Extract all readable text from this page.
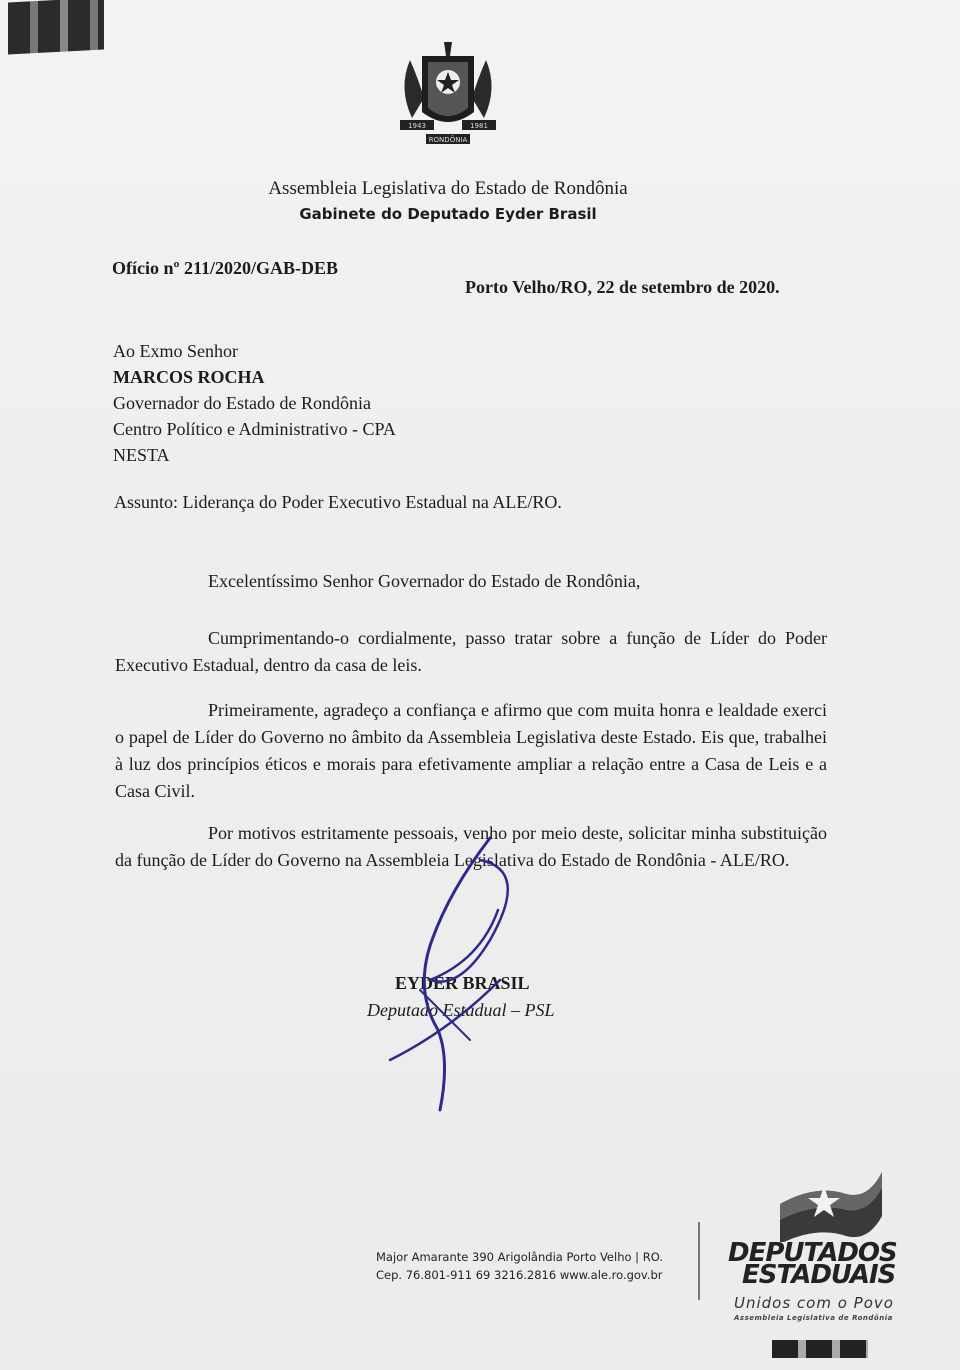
1943	1981
RONDÔNIA
Assembleia Legislativa do Estado de Rondônia
Gabinete do Deputado Eyder Brasil
Ofício nº 211/2020/GAB-DEB
Porto Velho/RO, 22 de setembro de 2020.
Ao Exmo Senhor
MARCOS ROCHA
Governador do Estado de Rondônia
Centro Político e Administrativo - CPA
NESTA
Assunto: Liderança do Poder Executivo Estadual na ALE/RO.
Excelentíssimo Senhor Governador do Estado de Rondônia,
Cumprimentando-o cordialmente, passo tratar sobre a função de Líder do Poder Executivo Estadual, dentro da casa de leis.
Primeiramente, agradeço a confiança e afirmo que com muita honra e lealdade exerci o papel de Líder do Governo no âmbito da Assembleia Legislativa deste Estado. Eis que, trabalhei à luz dos princípios éticos e morais para efetivamente ampliar a relação entre a Casa de Leis e a Casa Civil.
Por motivos estritamente pessoais, venho por meio deste, solicitar minha substituição da função de Líder do Governo na Assembleia Legislativa do Estado de Rondônia - ALE/RO.
EYDER BRASIL
Deputado Estadual – PSL
Major Amarante 390 Arigolândia Porto Velho | RO.
Cep. 76.801-911 69 3216.2816 www.ale.ro.gov.br
DEPUTADOS
ESTADUAIS
Unidos com o Povo
Assembleia Legislativa de Rondônia
